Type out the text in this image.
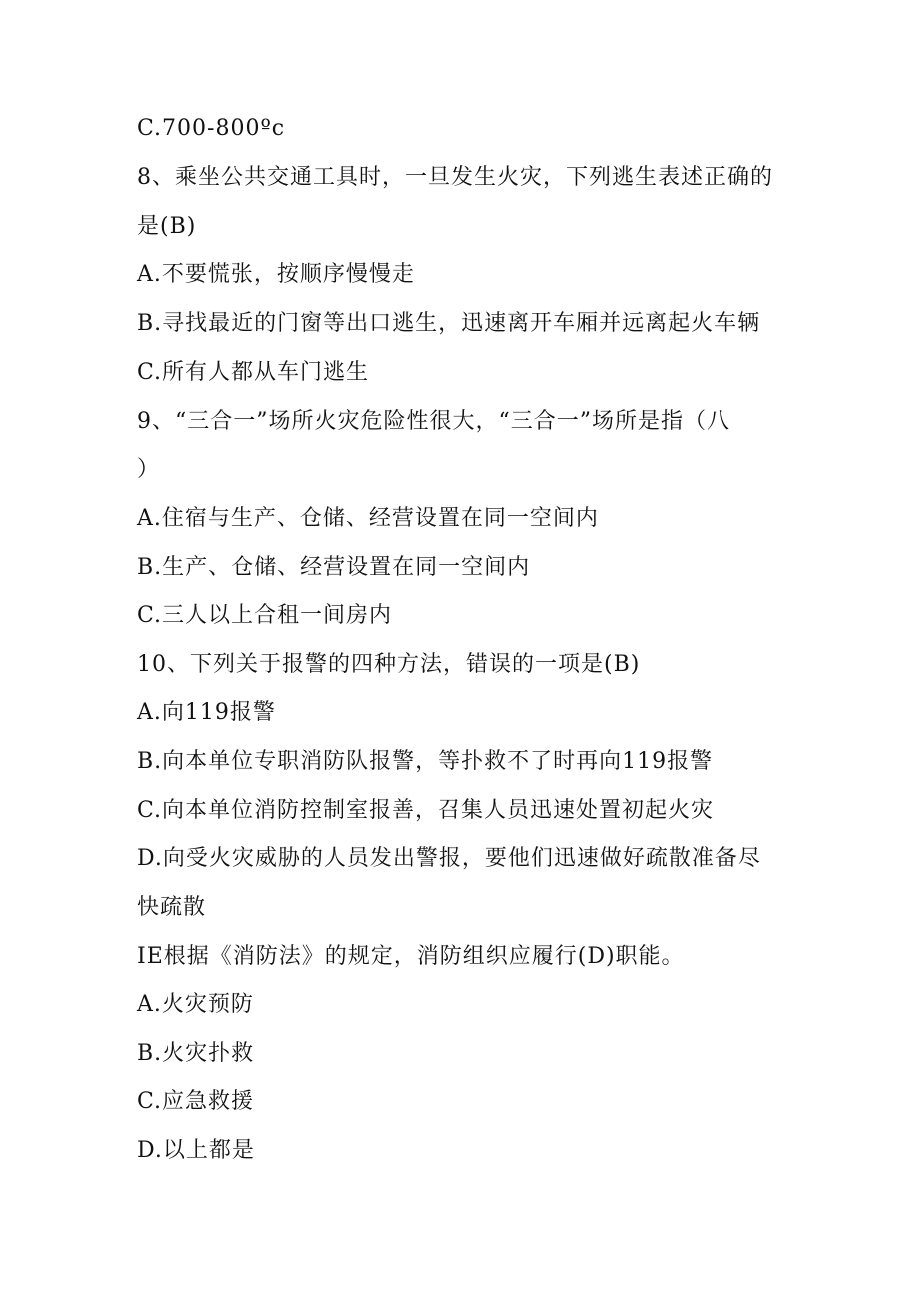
C.700-800ºc
8、乘坐公共交通工具时，一旦发生火灾，下列逃生表述正确的
是(B)
A.不要慌张，按顺序慢慢走
B.寻找最近的门窗等出口逃生，迅速离开车厢并远离起火车辆
C.所有人都从车门逃生
9、“三合一”场所火灾危险性很大，“三合一”场所是指（八
）
A.住宿与生产、仓储、经营设置在同一空间内
B.生产、仓储、经营设置在同一空间内
C.三人以上合租一间房内
10、下列关于报警的四种方法，错误的一项是(B)
A.向119报警
B.向本单位专职消防队报警，等扑救不了时再向119报警
C.向本单位消防控制室报善，召集人员迅速处置初起火灾
D.向受火灾威胁的人员发出警报，要他们迅速做好疏散准备尽
快疏散
IE根据《消防法》的规定，消防组织应履行(D)职能。
A.火灾预防
B.火灾扑救
C.应急救援
D.以上都是
